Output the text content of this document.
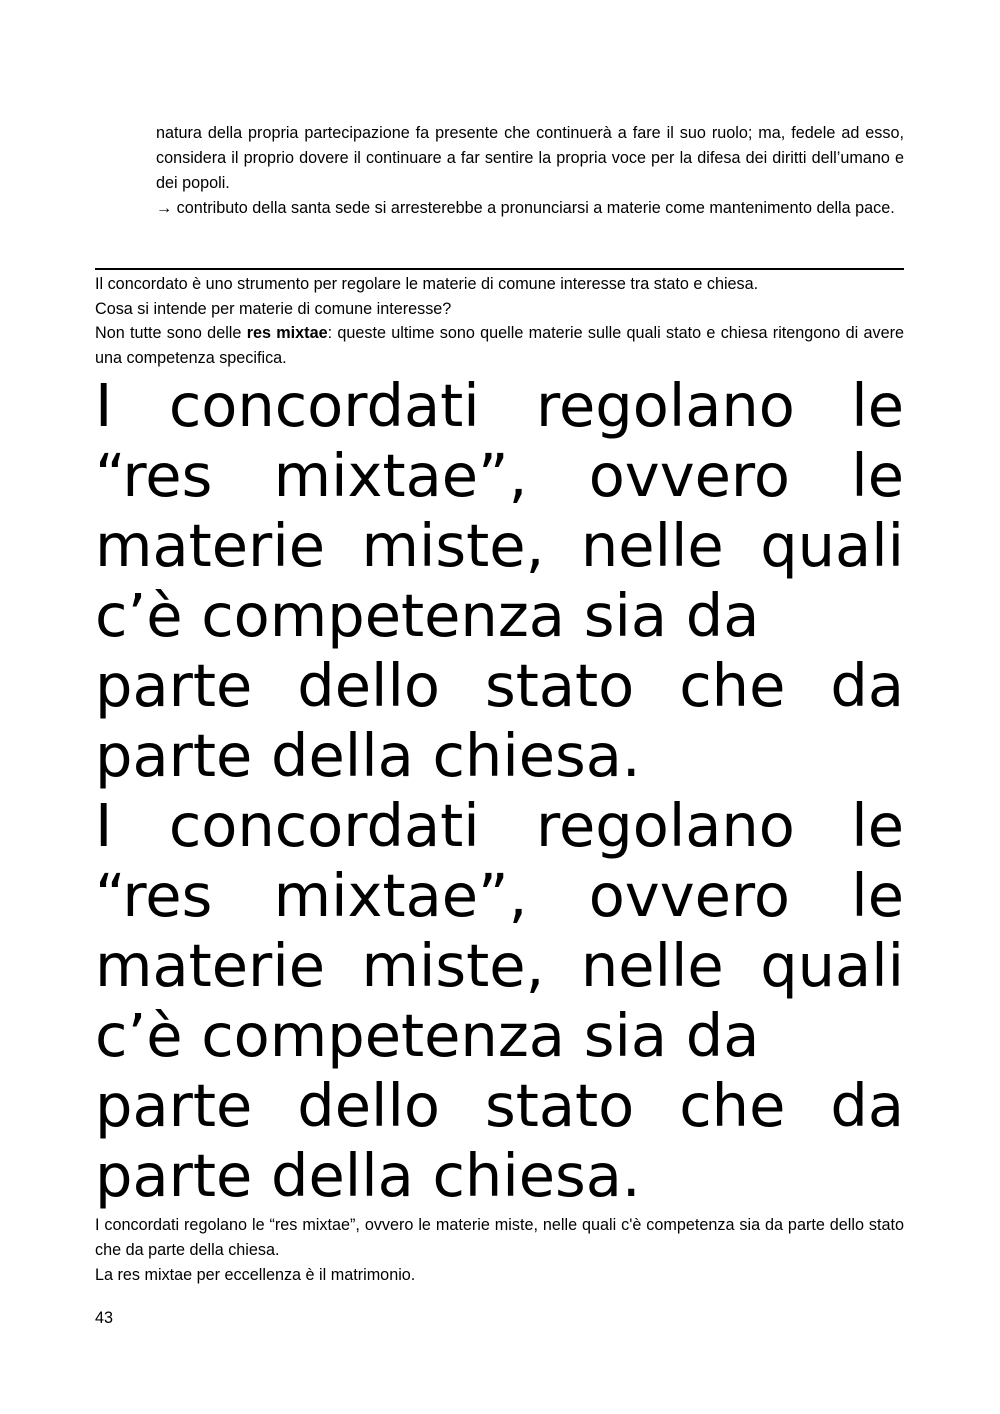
natura della propria partecipazione fa presente che continuerà a fare il suo ruolo; ma, fedele ad esso, considera il proprio dovere il continuare a far sentire la propria voce per la difesa dei diritti dell’umano e dei popoli.

→ contributo della santa sede si arresterebbe a pronunciarsi a materie come mantenimento della pace.

Il concordato è uno strumento per regolare le materie di comune interesse tra stato e chiesa.

Cosa si intende per materie di comune interesse?

Non tutte sono delle res mixtae: queste ultime sono quelle materie sulle quali stato e chiesa ritengono di avere una competenza specifica.

I concordati regolano le
“res mixtae”, ovvero le
materie miste, nelle quali
c’è competenza sia da
parte dello stato che da
parte della chiesa.
I concordati regolano le
“res mixtae”, ovvero le
materie miste, nelle quali
c’è competenza sia da
parte dello stato che da
parte della chiesa.

I concordati regolano le “res mixtae”, ovvero le materie miste, nelle quali c'è competenza sia da parte dello stato che da parte della chiesa.

La res mixtae per eccellenza è il matrimonio.

43
